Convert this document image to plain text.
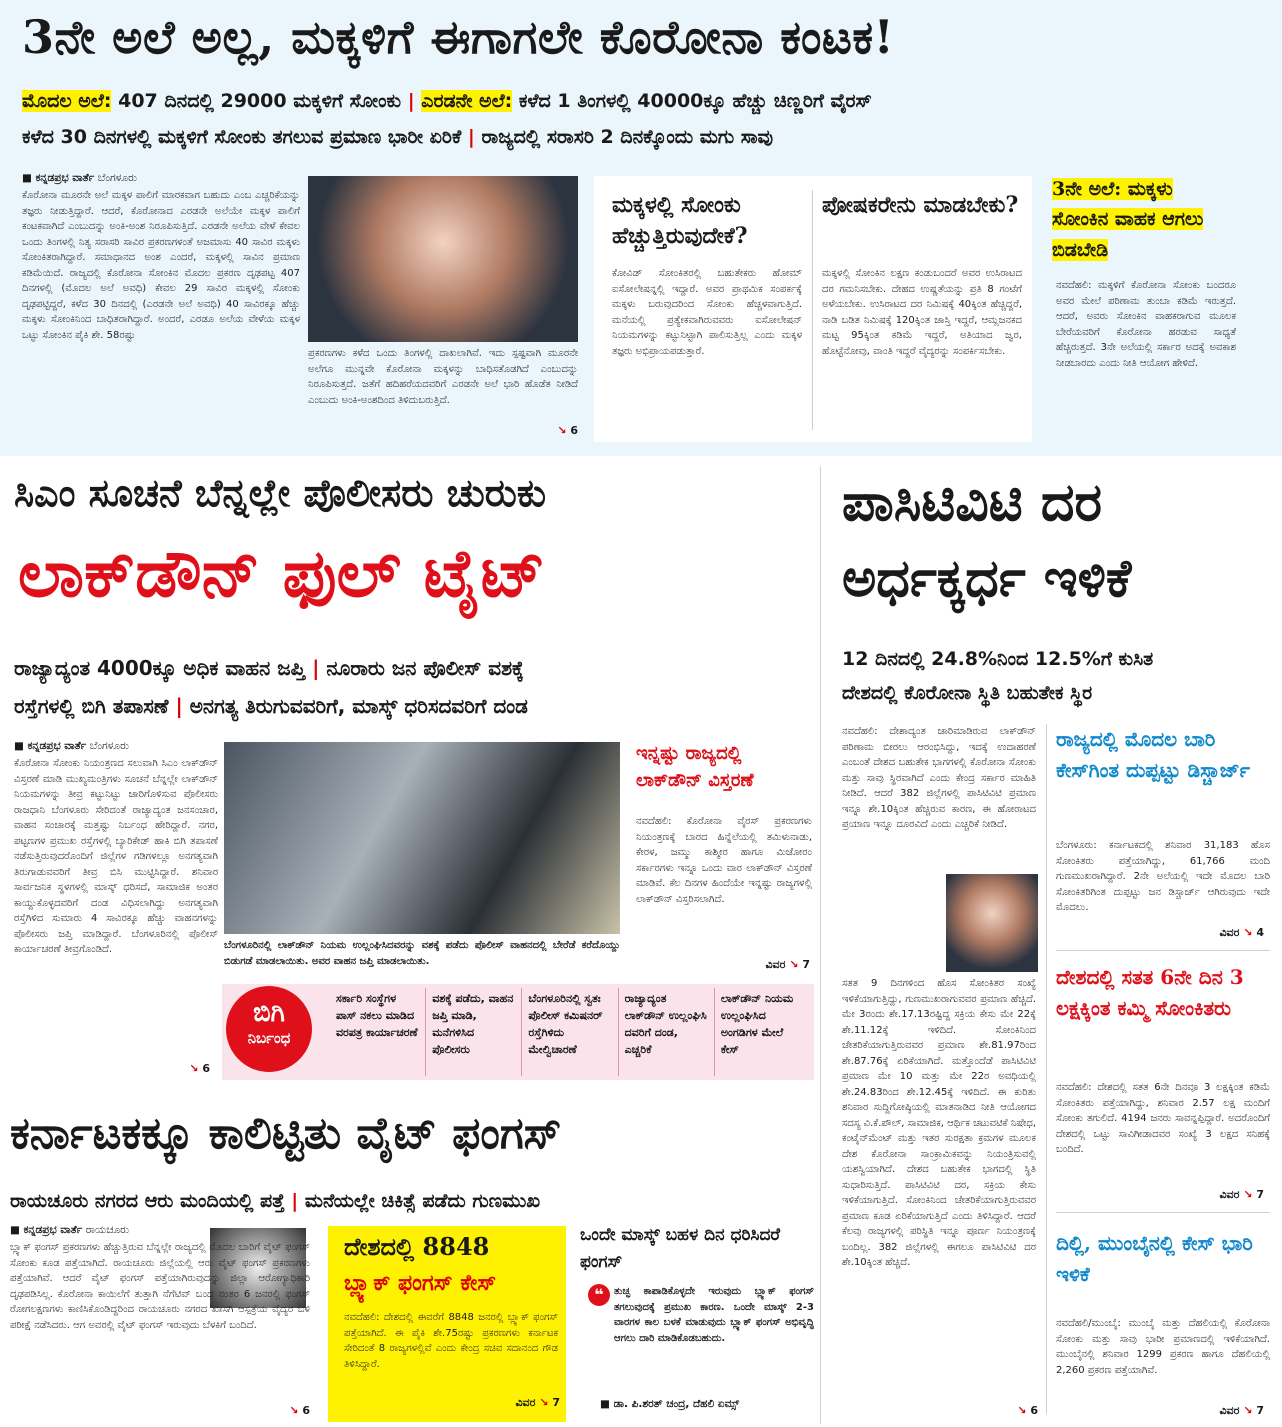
3ನೇ ಅಲೆ ಅಲ್ಲ, ಮಕ್ಕಳಿಗೆ ಈಗಾಗಲೇ ಕೊರೋನಾ ಕಂಟಕ!
ಮೊದಲ ಅಲೆ: 407 ದಿನದಲ್ಲಿ 29000 ಮಕ್ಕಳಿಗೆ ಸೋಂಕು | ಎರಡನೇ ಅಲೆ: ಕಳೆದ 1 ತಿಂಗಳಲ್ಲಿ 40000ಕ್ಕೂ ಹೆಚ್ಚು ಚಿಣ್ಣರಿಗೆ ವೈರಸ್
ಕಳೆದ 30 ದಿನಗಳಲ್ಲಿ ಮಕ್ಕಳಿಗೆ ಸೋಂಕು ತಗಲುವ ಪ್ರಮಾಣ ಭಾರೀ ಏರಿಕೆ | ರಾಜ್ಯದಲ್ಲಿ ಸರಾಸರಿ 2 ದಿನಕ್ಕೊಂದು ಮಗು ಸಾವು
■ ಕನ್ನಡಪ್ರಭ ವಾರ್ತೆ ಬೆಂಗಳೂರು
ಕೊರೋನಾ ಮೂರನೇ ಅಲೆ ಮಕ್ಕಳ ಪಾಲಿಗೆ ಮಾರಕವಾಗ ಬಹುದು ಎಂಬ ಎಚ್ಚರಿಕೆಯನ್ನು ತಜ್ಞರು ನೀಡುತ್ತಿದ್ದಾರೆ. ಆದರೆ, ಕೊರೋನಾದ ಎರಡನೇ ಅಲೆಯೇ ಮಕ್ಕಳ ಪಾಲಿಗೆ ಕಂಟಕವಾಗಿದೆ ಎಂಬುದನ್ನು ಅಂಕಿ-ಅಂಶ ನಿರೂಪಿಸುತ್ತಿದೆ. ಎರಡನೇ ಅಲೆಯ ವೇಳೆ ಕೇವಲ ಒಂದು ತಿಂಗಳಲ್ಲಿ ನಿತ್ಯ ಸರಾಸರಿ ಸಾವಿರ ಪ್ರಕರಣಗಳಂತೆ ಅಜಮಾಸು 40 ಸಾವಿರ ಮಕ್ಕಳು ಸೋಂಕಿತರಾಗಿದ್ದಾರೆ. ಸಮಾಧಾನದ ಅಂಶ ಎಂದರೆ, ಮಕ್ಕಳಲ್ಲಿ ಸಾವಿನ ಪ್ರಮಾಣ ಕಡಿಮೆಯಿದೆ. ರಾಜ್ಯದಲ್ಲಿ ಕೊರೋನಾ ಸೋಂಕಿನ ಮೊದಲ ಪ್ರಕರಣ ದೃಢಪಟ್ಟ 407 ದಿನಗಳಲ್ಲಿ (ಮೊದಲ ಅಲೆ ಅವಧಿ) ಕೇವಲ 29 ಸಾವಿರ ಮಕ್ಕಳಲ್ಲಿ ಸೋಂಕು ದೃಢಪಟ್ಟಿದ್ದರೆ, ಕಳೆದ 30 ದಿನದಲ್ಲಿ (ಎರಡನೇ ಅಲೆ ಅವಧಿ) 40 ಸಾವಿರಕ್ಕೂ ಹೆಚ್ಚು ಮಕ್ಕಳು ಸೋಂಕಿನಿಂದ ಬಾಧಿತರಾಗಿದ್ದಾರೆ. ಅಂದರೆ, ಎರಡೂ ಅಲೆಯ ವೇಳೆಯ ಮಕ್ಕಳ ಒಟ್ಟು ಸೋಂಕಿನ ಪೈಕಿ ಶೇ. 58ರಷ್ಟು
ಪ್ರಕರಣಗಳು ಕಳೆದ ಒಂದು ತಿಂಗಳಲ್ಲಿ ದಾಖಲಾಗಿವೆ. ಇದು ಸ್ಪಷ್ಟವಾಗಿ ಮೂರನೇ ಅಲೆಗೂ ಮುನ್ನವೇ ಕೊರೋನಾ ಮಕ್ಕಳನ್ನು ಬಾಧಿಸತೊಡಗಿದೆ ಎಂಬುದನ್ನು ನಿರೂಪಿಸುತ್ತದೆ. ಜತೆಗೆ ಹದಿಹರೆಯದವರಿಗೆ ಎರಡನೇ ಅಲೆ ಭಾರಿ ಹೊಡೆತ ನೀಡಿದೆ ಎಂಬುದು ಅಂಕಿ-ಅಂಶದಿಂದ ತಿಳಿದುಬರುತ್ತಿದೆ.
↘ 6
ಮಕ್ಕಳಲ್ಲಿ ಸೋಂಕು ಹೆಚ್ಚುತ್ತಿರುವುದೇಕೆ?
ಕೋವಿಡ್ ಸೋಂಕಿತರಲ್ಲಿ ಬಹುತೇಕರು ಹೋಮ್ ಐಸೋಲೇಷನ್ನಲ್ಲಿ ಇದ್ದಾರೆ. ಅವರ ಪ್ರಾಥಮಿಕ ಸಂಪರ್ಕಕ್ಕೆ ಮಕ್ಕಳು ಬರುವುದರಿಂದ ಸೋಂಕು ಹೆಚ್ಚಳವಾಗುತ್ತಿದೆ. ಮನೆಯಲ್ಲಿ ಪ್ರತ್ಯೇಕವಾಗಿರುವವರು ಐಸೋಲೇಷನ್ ನಿಯಮಗಳನ್ನು ಕಟ್ಟುನಿಟ್ಟಾಗಿ ಪಾಲಿಸುತ್ತಿಲ್ಲ ಎಂದು ಮಕ್ಕಳ ತಜ್ಞರು ಅಭಿಪ್ರಾಯಪಡುತ್ತಾರೆ.
ಪೋಷಕರೇನು ಮಾಡಬೇಕು?
ಮಕ್ಕಳಲ್ಲಿ ಸೋಂಕಿನ ಲಕ್ಷಣ ಕಂಡುಬಂದರೆ ಅವರ ಉಸಿರಾಟದ ದರ ಗಮನಿಸಬೇಕು. ದೇಹದ ಉಷ್ಣತೆಯನ್ನು ಪ್ರತಿ 8 ಗಂಟೆಗೆ ಅಳೆಯಬೇಕು. ಉಸಿರಾಟದ ದರ ನಿಮಿಷಕ್ಕೆ 40ಕ್ಕಿಂತ ಹೆಚ್ಚಿದ್ದರೆ, ನಾಡಿ ಬಡಿತ ನಿಮಿಷಕ್ಕೆ 120ಕ್ಕಿಂತ ಜಾಸ್ತಿ ಇದ್ದರೆ, ಆಮ್ಲಜನಕದ ಮಟ್ಟ 95ಕ್ಕಿಂತ ಕಡಿಮೆ ಇದ್ದರೆ, ಅತಿಯಾದ ಜ್ವರ, ಹೊಟ್ಟೆನೋವು, ವಾಂತಿ ಇದ್ದರೆ ವೈದ್ಯರನ್ನು ಸಂಪರ್ಕಿಸಬೇಕು.
3ನೇ ಅಲೆ: ಮಕ್ಕಳು ಸೋಂಕಿನ ವಾಹಕ ಆಗಲು ಬಿಡಬೇಡಿ
ನವದೆಹಲಿ: ಮಕ್ಕಳಿಗೆ ಕೊರೋನಾ ಸೋಂಕು ಬಂದರೂ ಅವರ ಮೇಲೆ ಪರಿಣಾಮ ತುಂಬಾ ಕಡಿಮೆ ಇರುತ್ತದೆ. ಆದರೆ, ಅವರು ಸೋಂಕಿನ ವಾಹಕರಾಗುವ ಮೂಲಕ ಬೇರೆಯವರಿಗೆ ಕೊರೋನಾ ಹರಡುವ ಸಾಧ್ಯತೆ ಹೆಚ್ಚಿರುತ್ತದೆ. 3ನೇ ಅಲೆಯಲ್ಲಿ ಸರ್ಕಾರ ಅದಕ್ಕೆ ಅವಕಾಶ ನೀಡಬಾರದು ಎಂದು ನೀತಿ ಆಯೋಗ ಹೇಳಿದೆ.
ಸಿಎಂ ಸೂಚನೆ ಬೆನ್ನಲ್ಲೇ ಪೊಲೀಸರು ಚುರುಕು
ಲಾಕ್‌ಡೌನ್ ಫುಲ್ ಟೈಟ್
ರಾಜ್ಯಾದ್ಯಂತ 4000ಕ್ಕೂ ಅಧಿಕ ವಾಹನ ಜಪ್ತಿ | ನೂರಾರು ಜನ ಪೊಲೀಸ್ ವಶಕ್ಕೆ
ರಸ್ತೆಗಳಲ್ಲಿ ಬಿಗಿ ತಪಾಸಣೆ | ಅನಗತ್ಯ ತಿರುಗುವವರಿಗೆ, ಮಾಸ್ಕ್ ಧರಿಸದವರಿಗೆ ದಂಡ
■ ಕನ್ನಡಪ್ರಭ ವಾರ್ತೆ ಬೆಂಗಳೂರು
ಕೊರೋನಾ ಸೋಂಕು ನಿಯಂತ್ರಣದ ಸಲುವಾಗಿ ಸಿಎಂ ಲಾಕ್‌ಡೌನ್ ವಿಸ್ತರಣೆ ಮಾಡಿ ಮುಖ್ಯಮಂತ್ರಿಗಳು ಸೂಚನೆ ಬೆನ್ನಲ್ಲೇ ಲಾಕ್‌ಡೌನ್ ನಿಯಮಗಳನ್ನು ತೀವ್ರ ಕಟ್ಟುನಿಟ್ಟು ಜಾರಿಗೊಳಿಸುವ ಪೊಲೀಸರು ರಾಜಧಾನಿ ಬೆಂಗಳೂರು ಸೇರಿದಂತೆ ರಾಜ್ಯಾದ್ಯಂತ ಜನಸಂಚಾರ, ವಾಹನ ಸಂಚಾರಕ್ಕೆ ಮತ್ತಷ್ಟು ನಿರ್ಬಂಧ ಹೇರಿದ್ದಾರೆ. ನಗರ, ಪಟ್ಟಣಗಳ ಪ್ರಮುಖ ರಸ್ತೆಗಳಲ್ಲಿ ಬ್ಯಾರಿಕೇಡ್ ಹಾಕಿ ಬಿಗಿ ತಪಾಸಣೆ ನಡೆಸುತ್ತಿರುವುದರೊಂದಿಗೆ ಜಿಲ್ಲೆಗಳ ಗಡಿಗಳಲ್ಲೂ ಅನಗತ್ಯವಾಗಿ ತಿರುಗಾಡುವವರಿಗೆ ತೀವ್ರ ಬಿಸಿ ಮುಟ್ಟಿಸಿದ್ದಾರೆ. ಶನಿವಾರ ಸಾರ್ವಜನಿಕ ಸ್ಥಳಗಳಲ್ಲಿ ಮಾಸ್ಕ್ ಧರಿಸದೆ, ಸಾಮಾಜಿಕ ಅಂತರ ಕಾಯ್ದುಕೊಳ್ಳದವರಿಗೆ ದಂಡ ವಿಧಿಸಲಾಗಿದ್ದು ಅನಗತ್ಯವಾಗಿ ರಸ್ತೆಗಿಳಿದ ಸುಮಾರು 4 ಸಾವಿರಕ್ಕೂ ಹೆಚ್ಚು ವಾಹನಗಳನ್ನು ಪೊಲೀಸರು ಜಪ್ತಿ ಮಾಡಿದ್ದಾರೆ. ಬೆಂಗಳೂರಿನಲ್ಲಿ ಪೊಲೀಸ್ ಕಾರ್ಯಾಚರಣೆ ತೀವ್ರಗೊಂಡಿದೆ.
↘ 6
ಬೆಂಗಳೂರಿನಲ್ಲಿ ಲಾಕ್‌ಡೌನ್ ನಿಯಮ ಉಲ್ಲಂಘಿಸಿದವರನ್ನು ವಶಕ್ಕೆ ಪಡೆದು ಪೊಲೀಸ್ ವಾಹನದಲ್ಲಿ ಬೇರೆಡೆ ಕರೆದೊಯ್ದು ಬಿಡುಗಡೆ ಮಾಡಲಾಯಿತು. ಅವರ ವಾಹನ ಜಪ್ತಿ ಮಾಡಲಾಯಿತು.
ಇನ್ನಷ್ಟು ರಾಜ್ಯದಲ್ಲಿ ಲಾಕ್‌ಡೌನ್ ವಿಸ್ತರಣೆ
ನವದೆಹಲಿ: ಕೊರೋನಾ ವೈರಸ್ ಪ್ರಕರಣಗಳು ನಿಯಂತ್ರಣಕ್ಕೆ ಬಾರದ ಹಿನ್ನೆಲೆಯಲ್ಲಿ ತಮಿಳುನಾಡು, ಕೇರಳ, ಜಮ್ಮು ಕಾಶ್ಮೀರ ಹಾಗೂ ಮಿಜೋರಂ ಸರ್ಕಾರಗಳು ಇನ್ನೂ ಒಂದು ವಾರ ಲಾಕ್‌ಡೌನ್ ವಿಸ್ತರಣೆ ಮಾಡಿವೆ. ಕೆಲ ದಿನಗಳ ಹಿಂದೆಯೇ ಇನ್ನಷ್ಟು ರಾಜ್ಯಗಳಲ್ಲಿ ಲಾಕ್‌ಡೌನ್ ವಿಸ್ತರಿಸಲಾಗಿದೆ.
ವಿವರ ↘ 7
ಬಿಗಿ
ನಿರ್ಬಂಧ
ಸರ್ಕಾರಿ ಸಂಸ್ಥೆಗಳ ಪಾಸ್ ನಕಲು ಮಾಡಿದ ವರಪತ್ರ ಕಾರ್ಯಾಚರಣೆ
ವಶಕ್ಕೆ ಪಡೆದು, ವಾಹನ ಜಪ್ತಿ ಮಾಡಿ, ಮನೆಗಳಿಸಿದ ಪೊಲೀಸರು
ಬೆಂಗಳೂರಿನಲ್ಲಿ ಸ್ವತಃ ಪೊಲೀಸ್ ಕಮಿಷನರ್ ರಸ್ತೆಗಿಳಿದು ಮೇಲ್ವಿಚಾರಣೆ
ರಾಜ್ಯಾದ್ಯಂತ ಲಾಕ್‌ಡೌನ್ ಉಲ್ಲಂಘಿಸಿ ದವರಿಗೆ ದಂಡ, ಎಚ್ಚರಿಕೆ
ಲಾಕ್‌ಡೌನ್ ನಿಯಮ ಉಲ್ಲಂಘಿಸಿದ ಅಂಗಡಿಗಳ ಮೇಲೆ ಕೇಸ್
ಪಾಸಿಟಿವಿಟಿ ದರ
ಅರ್ಧಕ್ಕರ್ಧ ಇಳಿಕೆ
12 ದಿನದಲ್ಲಿ 24.8%ನಿಂದ 12.5%ಗೆ ಕುಸಿತ
ದೇಶದಲ್ಲಿ ಕೊರೋನಾ ಸ್ಥಿತಿ ಬಹುತೇಕ ಸ್ಥಿರ
ನವದೆಹಲಿ: ದೇಶಾದ್ಯಂತ ಜಾರಿಮಾಡಿರುವ ಲಾಕ್‌ಡೌನ್ ಪರಿಣಾಮ ಬೀರಲು ಆರಂಭಿಸಿದ್ದು, ಇದಕ್ಕೆ ಉದಾಹರಣೆ ಎಂಬಂತೆ ದೇಶದ ಬಹುತೇಕ ಭಾಗಗಳಲ್ಲಿ ಕೊರೋನಾ ಸೋಂಕು ಮತ್ತು ಸಾವು ಸ್ಥಿರವಾಗಿದೆ ಎಂದು ಕೇಂದ್ರ ಸರ್ಕಾರ ಮಾಹಿತಿ ನೀಡಿದೆ. ಆದರೆ 382 ಜಿಲ್ಲೆಗಳಲ್ಲಿ ಪಾಸಿಟಿವಿಟಿ ಪ್ರಮಾಣ ಇನ್ನೂ ಶೇ.10ಕ್ಕಿಂತ ಹೆಚ್ಚಿರುವ ಕಾರಣ, ಈ ಹೋರಾಟದ ಪ್ರಯಾಣ ಇನ್ನೂ ದೂರವಿದೆ ಎಂದು ಎಚ್ಚರಿಕೆ ನೀಡಿದೆ.
ಸತತ 9 ದಿನಗಳಿಂದ ಹೊಸ ಸೋಂಕಿತರ ಸಂಖ್ಯೆ ಇಳಿಕೆಯಾಗುತ್ತಿದ್ದು, ಗುಣಮುಖರಾಗುವವರ ಪ್ರಮಾಣ ಹೆಚ್ಚಿದೆ. ಮೇ 3ರಂದು ಶೇ.17.13ರಷ್ಟಿದ್ದ ಸಕ್ರಿಯ ಕೇಸು ಮೇ 22ಕ್ಕೆ ಶೇ.11.12ಕ್ಕೆ ಇಳಿದಿದೆ. ಸೋಂಕಿನಿಂದ ಚೇತರಿಕೆಯಾಗುತ್ತಿರುವವರ ಪ್ರಮಾಣ ಶೇ.81.97ರಿಂದ ಶೇ.87.76ಕ್ಕೆ ಏರಿಕೆಯಾಗಿದೆ. ಮತ್ತೊಂದೆಡೆ ಪಾಸಿಟಿವಿಟಿ ಪ್ರಮಾಣ ಮೇ 10 ಮತ್ತು ಮೇ 22ರ ಅವಧಿಯಲ್ಲಿ ಶೇ.24.83ರಿಂದ ಶೇ.12.45ಕ್ಕೆ ಇಳಿದಿದೆ. ಈ ಕುರಿತು ಶನಿವಾರ ಸುದ್ದಿಗೋಷ್ಠಿಯಲ್ಲಿ ಮಾತನಾಡಿದ ನೀತಿ ಆಯೋಗದ ಸದಸ್ಯ ವಿ.ಕೆ.ಪೌಲ್, ಸಾಮಾಜಿಕ, ಆರ್ಥಿಕ ಚಟುವಟಿಕೆ ನಿಷೇಧ, ಕಂಟೈನ್‌ಮೆಂಟ್ ಮತ್ತು ಇತರ ಸುರಕ್ಷತಾ ಕ್ರಮಗಳ ಮೂಲಕ ದೇಶ ಕೊರೋನಾ ಸಾಂಕ್ರಾಮಿಕವನ್ನು ನಿಯಂತ್ರಿಸುವಲ್ಲಿ ಯಶಸ್ವಿಯಾಗಿದೆ. ದೇಶದ ಬಹುತೇಕ ಭಾಗದಲ್ಲಿ ಸ್ಥಿತಿ ಸುಧಾರಿಸುತ್ತಿದೆ. ಪಾಸಿಟಿವಿಟಿ ದರ, ಸಕ್ರಿಯ ಕೇಸು ಇಳಿಕೆಯಾಗುತ್ತಿದೆ. ಸೋಂಕಿನಿಂದ ಚೇತರಿಕೆಯಾಗುತ್ತಿರುವವರ ಪ್ರಮಾಣ ಕೂಡ ಏರಿಕೆಯಾಗುತ್ತಿದೆ ಎಂದು ತಿಳಿಸಿದ್ದಾರೆ. ಆದರೆ ಕೆಲವು ರಾಜ್ಯಗಳಲ್ಲಿ ಪರಿಸ್ಥಿತಿ ಇನ್ನೂ ಪೂರ್ಣ ನಿಯಂತ್ರಣಕ್ಕೆ ಬಂದಿಲ್ಲ. 382 ಜಿಲ್ಲೆಗಳಲ್ಲಿ ಈಗಲೂ ಪಾಸಿಟಿವಿಟಿ ದರ ಶೇ.10ಕ್ಕಿಂತ ಹೆಚ್ಚಿದೆ.
↘ 6
ರಾಜ್ಯದಲ್ಲಿ ಮೊದಲ ಬಾರಿ ಕೇಸ್‌ಗಿಂತ ದುಪ್ಪಟ್ಟು ಡಿಸ್ಚಾರ್ಜ್
ಬೆಂಗಳೂರು: ಕರ್ನಾಟಕದಲ್ಲಿ ಶನಿವಾರ 31,183 ಹೊಸ ಸೋಂಕಿತರು ಪತ್ತೆಯಾಗಿದ್ದು, 61,766 ಮಂದಿ ಗುಣಮುಖರಾಗಿದ್ದಾರೆ. 2ನೇ ಅಲೆಯಲ್ಲಿ ಇದೇ ಮೊದಲ ಬಾರಿ ಸೋಂಕಿತರಿಗಿಂತ ದುಪ್ಪಟ್ಟು ಜನ ಡಿಸ್ಚಾರ್ಜ್ ಆಗಿರುವುದು ಇದೇ ಮೊದಲು.
ವಿವರ ↘ 4
ದೇಶದಲ್ಲಿ ಸತತ 6ನೇ ದಿನ 3 ಲಕ್ಷಕ್ಕಿಂತ ಕಮ್ಮಿ ಸೋಂಕಿತರು
ನವದೆಹಲಿ: ದೇಶದಲ್ಲಿ ಸತತ 6ನೇ ದಿನವೂ 3 ಲಕ್ಷಕ್ಕಿಂತ ಕಡಿಮೆ ಸೋಂಕಿತರು ಪತ್ತೆಯಾಗಿದ್ದು, ಶನಿವಾರ 2.57 ಲಕ್ಷ ಮಂದಿಗೆ ಸೋಂಕು ತಗುಲಿದೆ. 4194 ಜನರು ಸಾವನ್ನಪ್ಪಿದ್ದಾರೆ. ಅದರೊಂದಿಗೆ ದೇಶದಲ್ಲಿ ಒಟ್ಟು ಸಾವಿಗೀಡಾದವರ ಸಂಖ್ಯೆ 3 ಲಕ್ಷದ ಸನಿಹಕ್ಕೆ ಬಂದಿದೆ.
ವಿವರ ↘ 7
ದಿಲ್ಲಿ, ಮುಂಬೈನಲ್ಲಿ ಕೇಸ್ ಭಾರಿ ಇಳಿಕೆ
ನವದೆಹಲಿ/ಮುಂಬೈ: ಮುಂಬೈ ಮತ್ತು ದೆಹಲಿಯಲ್ಲಿ ಕೊರೋನಾ ಸೋಂಕು ಮತ್ತು ಸಾವು ಭಾರೀ ಪ್ರಮಾಣದಲ್ಲಿ ಇಳಿಕೆಯಾಗಿದೆ. ಮುಂಬೈನಲ್ಲಿ ಶನಿವಾರ 1299 ಪ್ರಕರಣ ಹಾಗೂ ದೆಹಲಿಯಲ್ಲಿ 2,260 ಪ್ರಕರಣ ಪತ್ತೆಯಾಗಿವೆ.
ವಿವರ ↘ 7
ಕರ್ನಾಟಕಕ್ಕೂ ಕಾಲಿಟ್ಟಿತು ವೈಟ್ ಫಂಗಸ್
ರಾಯಚೂರು ನಗರದ ಆರು ಮಂದಿಯಲ್ಲಿ ಪತ್ತೆ | ಮನೆಯಲ್ಲೇ ಚಿಕಿತ್ಸೆ ಪಡೆದು ಗುಣಮುಖ
■ ಕನ್ನಡಪ್ರಭ ವಾರ್ತೆ ರಾಯಚೂರು
ಬ್ಲ್ಯಾಕ್ ಫಂಗಸ್ ಪ್ರಕರಣಗಳು ಹೆಚ್ಚುತ್ತಿರುವ ಬೆನ್ನಲ್ಲೇ ರಾಜ್ಯದಲ್ಲಿ ಮೊದಲ ಬಾರಿಗೆ ವೈಟ್ ಫಂಗಸ್ ಸೋಂಕು ಕೂಡ ಪತ್ತೆಯಾಗಿದೆ. ರಾಯಚೂರು ಜಿಲ್ಲೆಯಲ್ಲಿ ಆರು ವೈಟ್ ಫಂಗಸ್ ಪ್ರಕರಣಗಳು ಪತ್ತೆಯಾಗಿವೆ. ಆದರೆ ವೈಟ್ ಫಂಗಸ್ ಪತ್ತೆಯಾಗಿರುವುದನ್ನು ಜಿಲ್ಲಾ ಆರೋಗ್ಯಾಧಿಕಾರಿ ದೃಢಪಡಿಸಿಲ್ಲ. ಕೊರೋನಾ ಕಾಯಿಲೆಗೆ ತುತ್ತಾಗಿ ನೆಗೆಟಿವ್ ಬಂದ ನಂತರ 6 ಜನರಲ್ಲಿ ಫಂಗಸ್ ರೋಗಲಕ್ಷಣಗಳು ಕಾಣಿಸಿಕೊಂಡಿದ್ದರಿಂದ ರಾಯಚೂರು ನಗರದ ಖಾಸಗಿ ಆಸ್ಪತ್ರೆಯ ವೈದ್ಯರ ಬಳಿ ಪರೀಕ್ಷೆ ನಡೆಸಿದರು. ಆಗ ಅವರಲ್ಲಿ ವೈಟ್ ಫಂಗಸ್ ಇರುವುದು ಬೆಳಕಿಗೆ ಬಂದಿದೆ.
↘ 6
ದೇಶದಲ್ಲಿ 8848
ಬ್ಲ್ಯಾಕ್ ಫಂಗಸ್ ಕೇಸ್
ನವದೆಹಲಿ: ದೇಶದಲ್ಲಿ ಈವರೆಗೆ 8848 ಜನರಲ್ಲಿ ಬ್ಲ್ಯಾಕ್ ಫಂಗಸ್ ಪತ್ತೆಯಾಗಿದೆ. ಈ ಪೈಕಿ ಶೇ.75ರಷ್ಟು ಪ್ರಕರಣಗಳು ಕರ್ನಾಟಕ ಸೇರಿದಂತೆ 8 ರಾಜ್ಯಗಳಲ್ಲಿವೆ ಎಂದು ಕೇಂದ್ರ ಸಚಿವ ಸದಾನಂದ ಗೌಡ ತಿಳಿಸಿದ್ದಾರೆ.
ವಿವರ ↘ 7
ಒಂದೇ ಮಾಸ್ಕ್ ಬಹಳ ದಿನ ಧರಿಸಿದರೆ ಫಂಗಸ್
❝	ತುಚ್ಛ ಕಾಪಾಡಿಕೊಳ್ಳದೇ ಇರುವುದು ಬ್ಲ್ಯಾಕ್ ಫಂಗಸ್ ತಗಲುವುದಕ್ಕೆ ಪ್ರಮುಖ ಕಾರಣ. ಒಂದೇ ಮಾಸ್ಕ್ 2-3 ವಾರಗಳ ಕಾಲ ಬಳಕೆ ಮಾಡುವುದು ಬ್ಲ್ಯಾಕ್ ಫಂಗಸ್ ಅಭಿವೃದ್ಧಿ ಆಗಲು ದಾರಿ ಮಾಡಿಕೊಡಬಹುದು.
■ ಡಾ. ಪಿ.ಶರತ್ ಚಂದ್ರ, ದೆಹಲಿ ಏಮ್ಸ್
